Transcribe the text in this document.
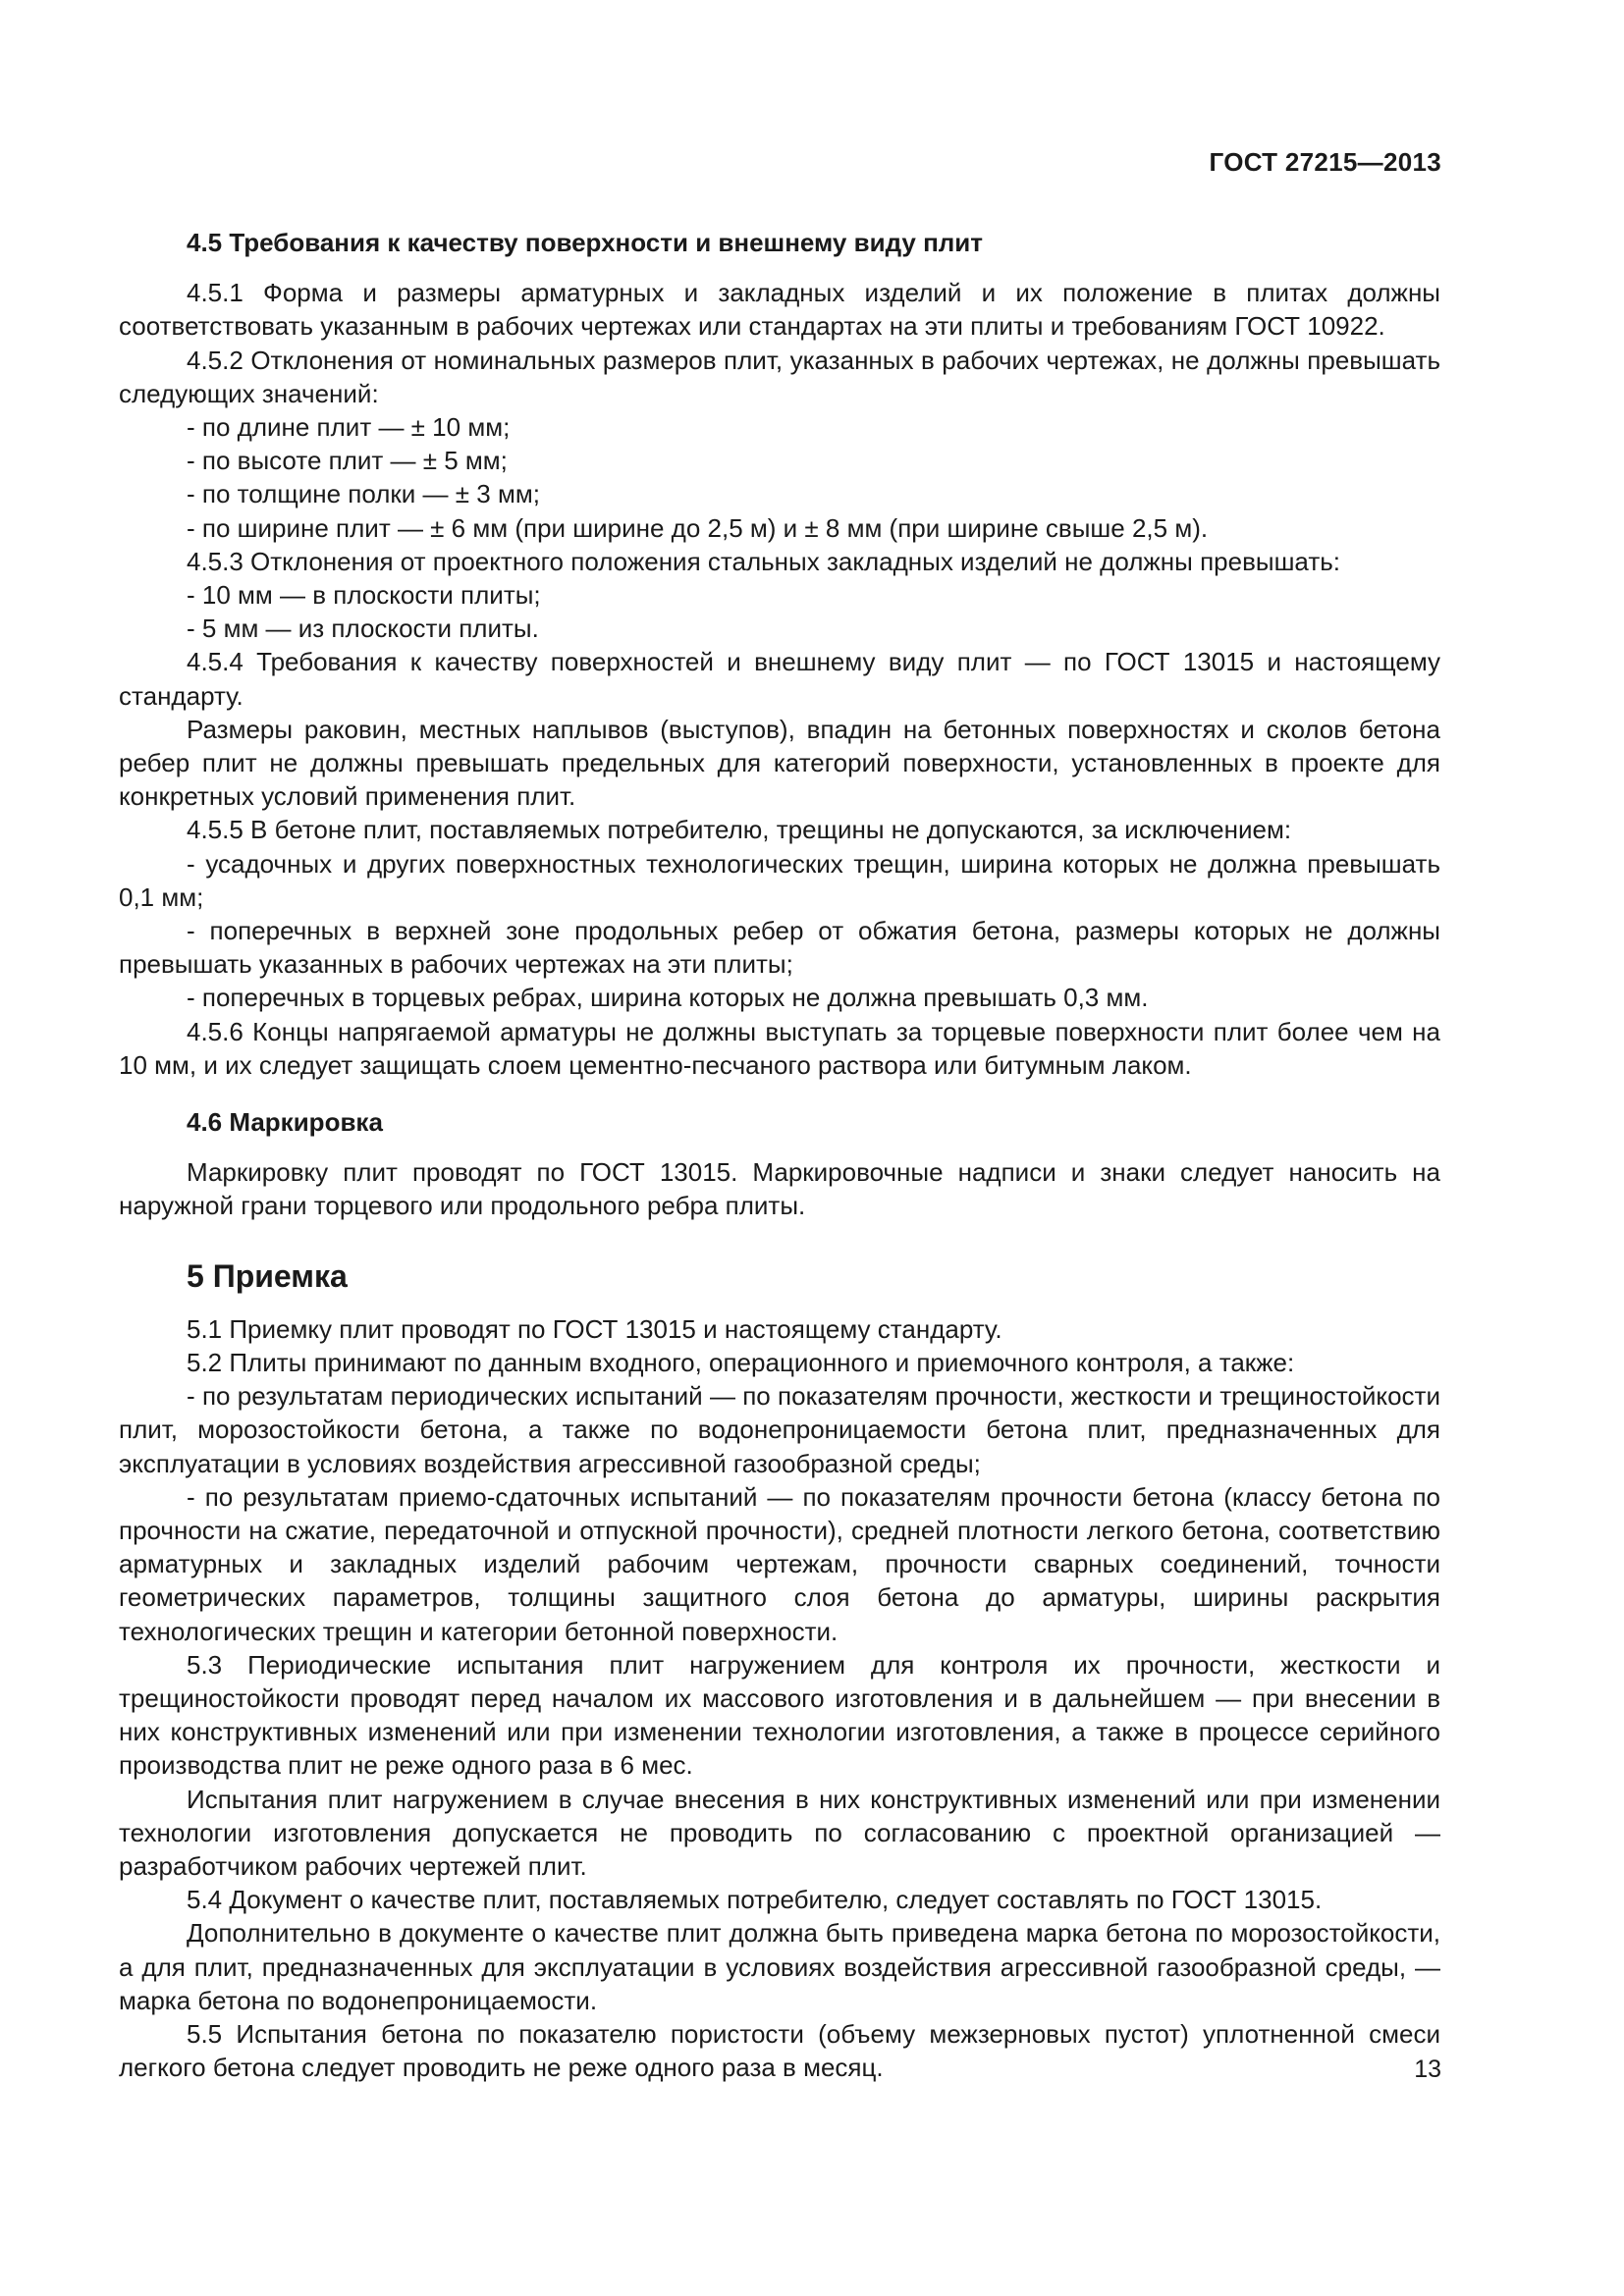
ГОСТ 27215—2013
4.5 Требования к качеству поверхности и внешнему виду плит

4.5.1 Форма и размеры арматурных и закладных изделий и их положение в плитах должны соответствовать указанным в рабочих чертежах или стандартах на эти плиты и требованиям ГОСТ 10922.

4.5.2 Отклонения от номинальных размеров плит, указанных в рабочих чертежах, не должны превышать следующих значений:

- по длине плит — ± 10 мм;

- по высоте плит — ± 5 мм;

- по толщине полки — ± 3 мм;

- по ширине плит — ± 6 мм (при ширине до 2,5 м) и ± 8 мм (при ширине свыше 2,5 м).

4.5.3 Отклонения от проектного положения стальных закладных изделий не должны превышать:

- 10 мм — в плоскости плиты;

- 5 мм — из плоскости плиты.

4.5.4 Требования к качеству поверхностей и внешнему виду плит — по ГОСТ 13015 и настоящему стандарту.

Размеры раковин, местных наплывов (выступов), впадин на бетонных поверхностях и сколов бетона ребер плит не должны превышать предельных для категорий поверхности, установленных в проекте для конкретных условий применения плит.

4.5.5 В бетоне плит, поставляемых потребителю, трещины не допускаются, за исключением:

- усадочных и других поверхностных технологических трещин, ширина которых не должна превышать 0,1 мм;

- поперечных в верхней зоне продольных ребер от обжатия бетона, размеры которых не должны превышать указанных в рабочих чертежах на эти плиты;

- поперечных в торцевых ребрах, ширина которых не должна превышать 0,3 мм.

4.5.6 Концы напрягаемой арматуры не должны выступать за торцевые поверхности плит более чем на 10 мм, и их следует защищать слоем цементно-песчаного раствора или битумным лаком.

4.6 Маркировка

Маркировку плит проводят по ГОСТ 13015. Маркировочные надписи и знаки следует наносить на наружной грани торцевого или продольного ребра плиты.

5 Приемка

5.1 Приемку плит проводят по ГОСТ 13015 и настоящему стандарту.

5.2 Плиты принимают по данным входного, операционного и приемочного контроля, а также:

- по результатам периодических испытаний — по показателям прочности, жесткости и трещиностойкости плит, морозостойкости бетона, а также по водонепроницаемости бетона плит, предназначенных для эксплуатации в условиях воздействия агрессивной газообразной среды;

- по результатам приемо-сдаточных испытаний — по показателям прочности бетона (классу бетона по прочности на сжатие, передаточной и отпускной прочности), средней плотности легкого бетона, соответствию арматурных и закладных изделий рабочим чертежам, прочности сварных соединений, точности геометрических параметров, толщины защитного слоя бетона до арматуры, ширины раскрытия технологических трещин и категории бетонной поверхности.

5.3 Периодические испытания плит нагружением для контроля их прочности, жесткости и трещиностойкости проводят перед началом их массового изготовления и в дальнейшем — при внесении в них конструктивных изменений или при изменении технологии изготовления, а также в процессе серийного производства плит не реже одного раза в 6 мес.

Испытания плит нагружением в случае внесения в них конструктивных изменений или при изменении технологии изготовления допускается не проводить по согласованию с проектной организацией — разработчиком рабочих чертежей плит.

5.4 Документ о качестве плит, поставляемых потребителю, следует составлять по ГОСТ 13015.

Дополнительно в документе о качестве плит должна быть приведена марка бетона по морозостойкости, а для плит, предназначенных для эксплуатации в условиях воздействия агрессивной газообразной среды, — марка бетона по водонепроницаемости.

5.5 Испытания бетона по показателю пористости (объему межзерновых пустот) уплотненной смеси легкого бетона следует проводить не реже одного раза в месяц.	13
